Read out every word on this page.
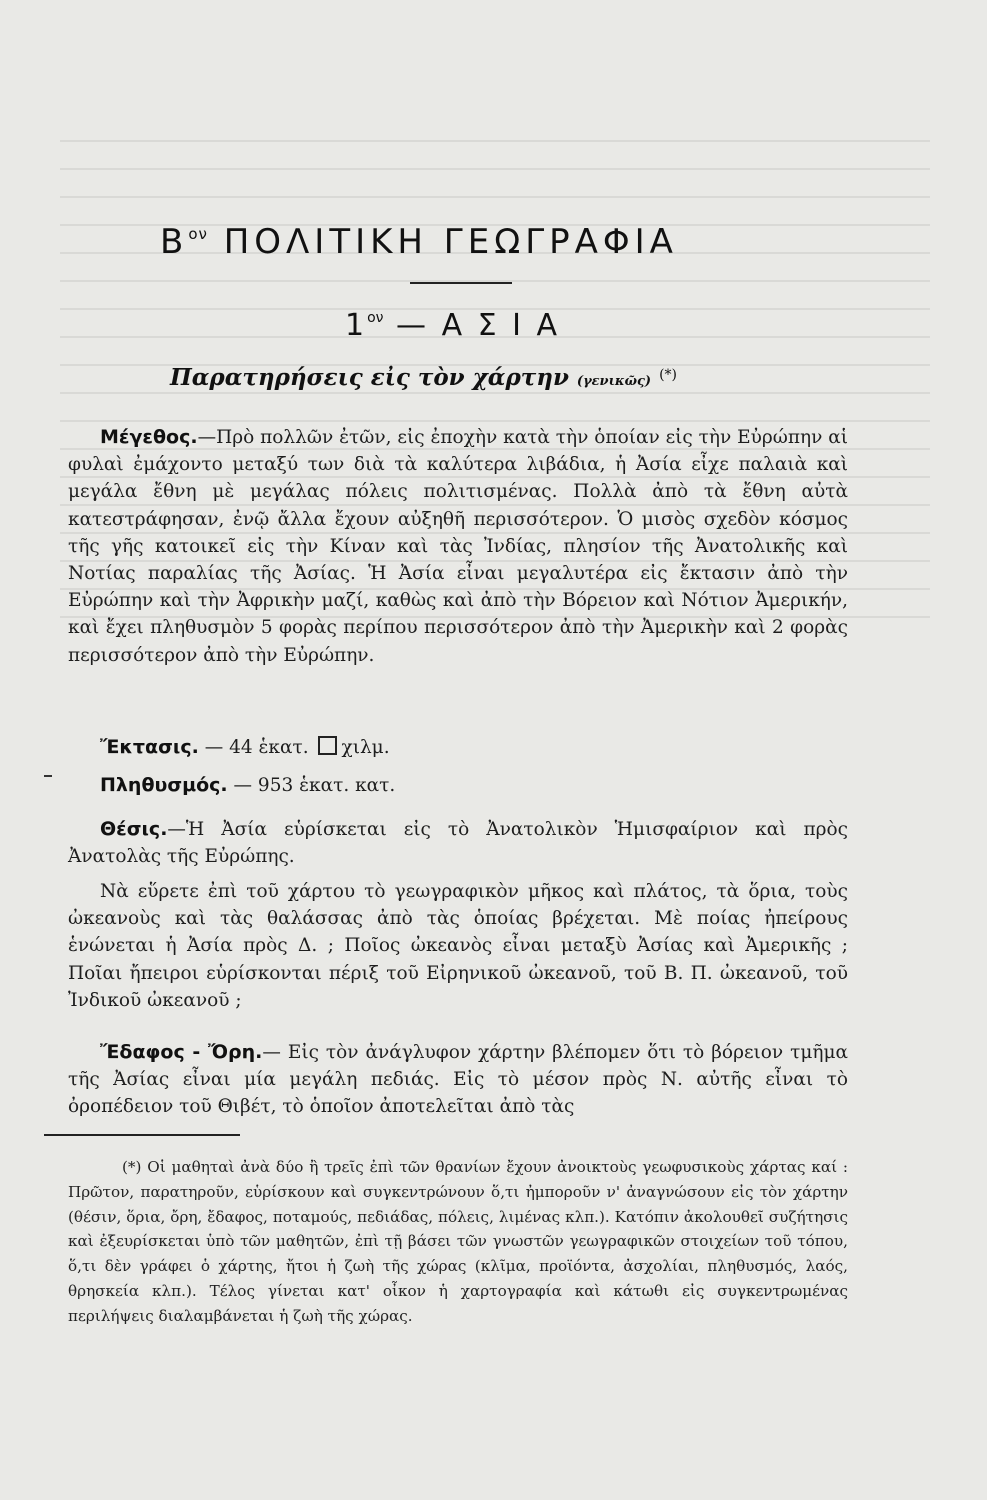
$B^{o\nu}$ ΠΟΛΙΤΙΚΗ ΓΕΩΓΡΑΦΙΑ
$1^{o\nu}$ — Α Σ Ι Α
Παρατηρήσεις εἰς τὸν χάρτην (γενικῶς) (*)
Μέγεθος.—Πρὸ πολλῶν ἐτῶν, εἰς ἐποχὴν κατὰ τὴν ὁποίαν εἰς τὴν Εὐρώπην αἱ φυλαὶ ἐμάχοντο μεταξύ των διὰ τὰ καλύτερα λιβάδια, ἡ Ἀσία εἶχε παλαιὰ καὶ μεγάλα ἔθνη μὲ μεγάλας πόλεις πολιτισμένας. Πολλὰ ἀπὸ τὰ ἔθνη αὐτὰ κατεστράφησαν, ἐνῷ ἄλλα ἔχουν αὐξηθῆ περισσότερον. Ὁ μισὸς σχεδὸν κόσμος τῆς γῆς κατοικεῖ εἰς τὴν Κίναν καὶ τὰς Ἰνδίας, πλησίον τῆς Ἀνατολικῆς καὶ Νοτίας παραλίας τῆς Ἀσίας. Ἡ Ἀσία εἶναι μεγαλυτέρα εἰς ἔκτασιν ἀπὸ τὴν Εὐρώπην καὶ τὴν Ἀφρικὴν μαζί, καθὼς καὶ ἀπὸ τὴν Βόρειον καὶ Νότιον Ἀμερικήν, καὶ ἔχει πληθυσμὸν 5 φορὰς περίπου περισσότερον ἀπὸ τὴν Ἀμερικὴν καὶ 2 φορὰς περισσότερον ἀπὸ τὴν Εὐρώπην.
Ἔκτασις. — 44 ἑκατ. χιλμ.
Πληθυσμός. — 953 ἑκατ. κατ.
Θέσις.—Ἡ Ἀσία εὑρίσκεται εἰς τὸ Ἀνατολικὸν Ἡμισφαίριον καὶ πρὸς Ἀνατολὰς τῆς Εὐρώπης.
Νὰ εὕρετε ἐπὶ τοῦ χάρτου τὸ γεωγραφικὸν μῆκος καὶ πλάτος, τὰ ὅρια, τοὺς ὠκεανοὺς καὶ τὰς θαλάσσας ἀπὸ τὰς ὁποίας βρέχεται. Μὲ ποίας ἠπείρους ἑνώνεται ἡ Ἀσία πρὸς Δ. ; Ποῖος ὠκεανὸς εἶναι μεταξὺ Ἀσίας καὶ Ἀμερικῆς ; Ποῖαι ἤπειροι εὑρίσκονται πέριξ τοῦ Εἰρηνικοῦ ὠκεανοῦ, τοῦ Β. Π. ὠκεανοῦ, τοῦ Ἰνδικοῦ ὠκεανοῦ ;
Ἔδαφος - Ὄρη.— Εἰς τὸν ἀνάγλυφον χάρτην βλέπομεν ὅτι τὸ βόρειον τμῆμα τῆς Ἀσίας εἶναι μία μεγάλη πεδιάς. Εἰς τὸ μέσον πρὸς Ν. αὐτῆς εἶναι τὸ ὀροπέδειον τοῦ Θιβέτ, τὸ ὁποῖον ἀποτελεῖται ἀπὸ τὰς
(*) Οἱ μαθηταὶ ἀνὰ δύο ἢ τρεῖς ἐπὶ τῶν θρανίων ἔχουν ἀνοικτοὺς γεωφυσικοὺς χάρτας καί : Πρῶτον, παρατηροῦν, εὑρίσκουν καὶ συγκεντρώνουν ὅ,τι ἠμποροῦν ν' ἀναγνώσουν εἰς τὸν χάρτην (θέσιν, ὅρια, ὄρη, ἔδαφος, ποταμούς, πεδιάδας, πόλεις, λιμένας κλπ.). Κατόπιν ἀκολουθεῖ συζήτησις καὶ ἐξευρίσκεται ὑπὸ τῶν μαθητῶν, ἐπὶ τῇ βάσει τῶν γνωστῶν γεωγραφικῶν στοιχείων τοῦ τόπου, ὅ,τι δὲν γράφει ὁ χάρτης, ἤτοι ἡ ζωὴ τῆς χώρας (κλῖμα, προϊόντα, ἀσχολίαι, πληθυσμός, λαός, θρησκεία κλπ.). Τέλος γίνεται κατ' οἶκον ἡ χαρτογραφία καὶ κάτωθι εἰς συγκεντρωμένας περιλήψεις διαλαμβάνεται ἡ ζωὴ τῆς χώρας.
